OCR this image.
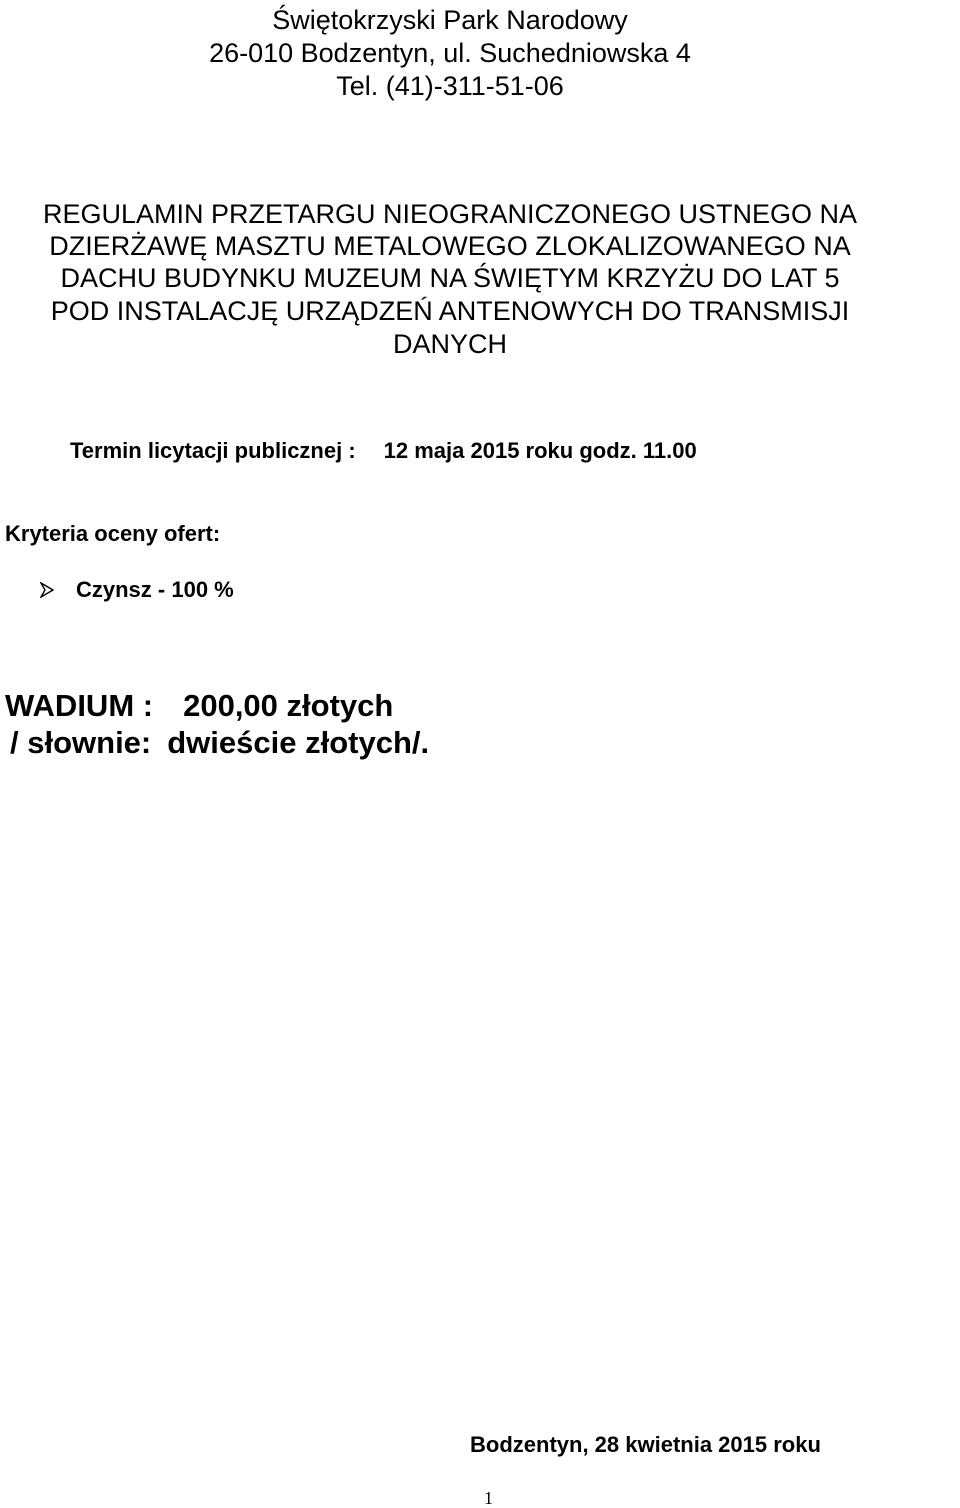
Świętokrzyski Park Narodowy
26-010 Bodzentyn, ul. Suchedniowska 4
Tel. (41)-311-51-06
REGULAMIN PRZETARGU NIEOGRANICZONEGO USTNEGO NA
DZIERŻAWĘ MASZTU METALOWEGO ZLOKALIZOWANEGO NA
DACHU BUDYNKU MUZEUM NA ŚWIĘTYM KRZYŻU DO LAT 5
POD INSTALACJĘ URZĄDZEŃ ANTENOWYCH DO TRANSMISJI
DANYCH
Termin licytacji publicznej : 12 maja 2015 roku godz. 11.00
Kryteria oceny ofert:
Czynsz - 100 %
WADIUM : 200,00 złotych
/ słownie: dwieście złotych/.
Bodzentyn, 28 kwietnia 2015 roku
1
